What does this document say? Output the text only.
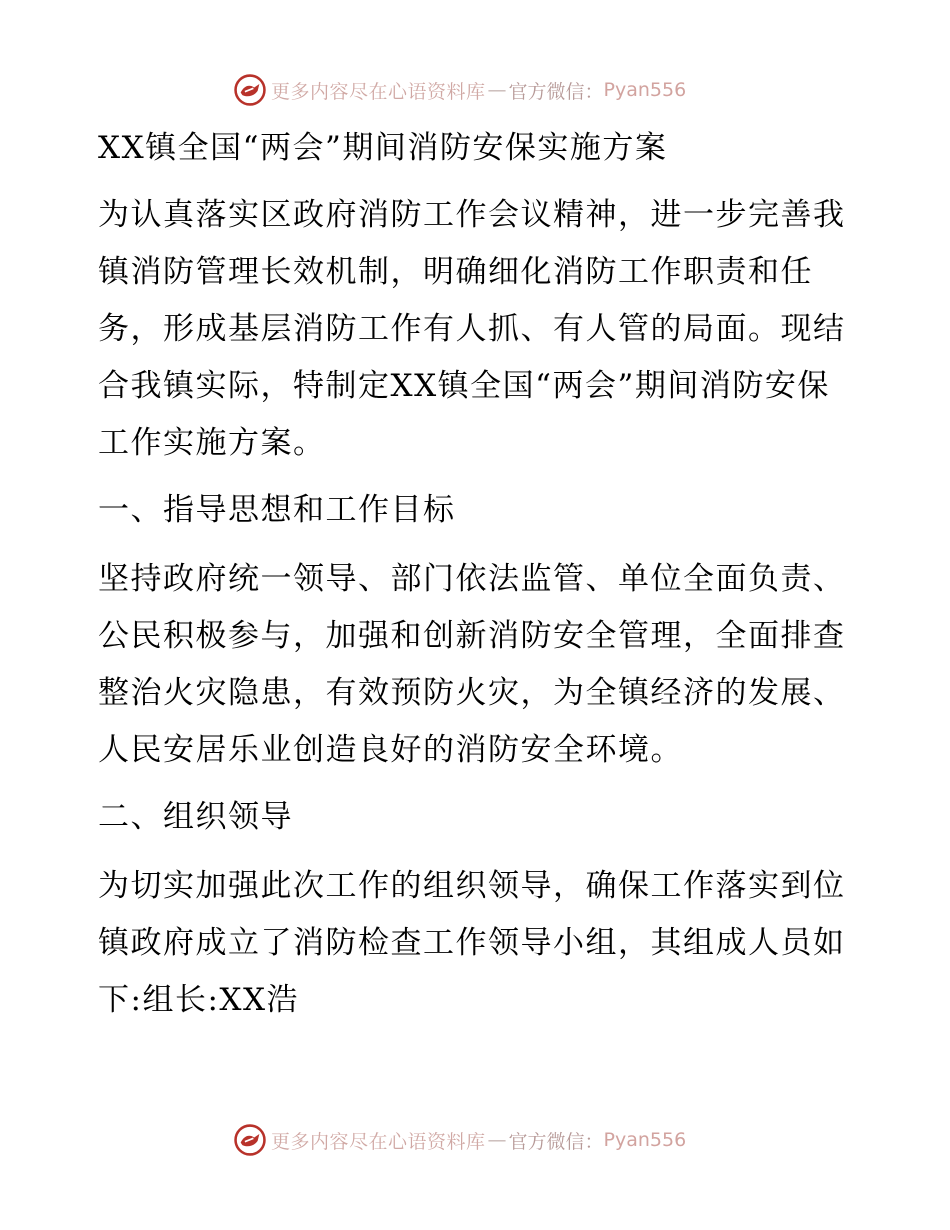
更多内容尽在心语资料库 — 官方微信： Pyan556

XX镇全国“两会”期间消防安保实施方案

为认真落实区政府消防工作会议精神，进一步完善我镇消防管理长效机制，明确细化消防工作职责和任务，形成基层消防工作有人抓、有人管的局面。现结合我镇实际，特制定XX镇全国“两会”期间消防安保工作实施方案。

一、指导思想和工作目标

坚持政府统一领导、部门依法监管、单位全面负责、公民积极参与，加强和创新消防安全管理，全面排查整治火灾隐患，有效预防火灾，为全镇经济的发展、人民安居乐业创造良好的消防安全环境。

二、组织领导

为切实加强此次工作的组织领导，确保工作落实到位镇政府成立了消防检查工作领导小组，其组成人员如下:组长:XX浩

更多内容尽在心语资料库 — 官方微信： Pyan556
